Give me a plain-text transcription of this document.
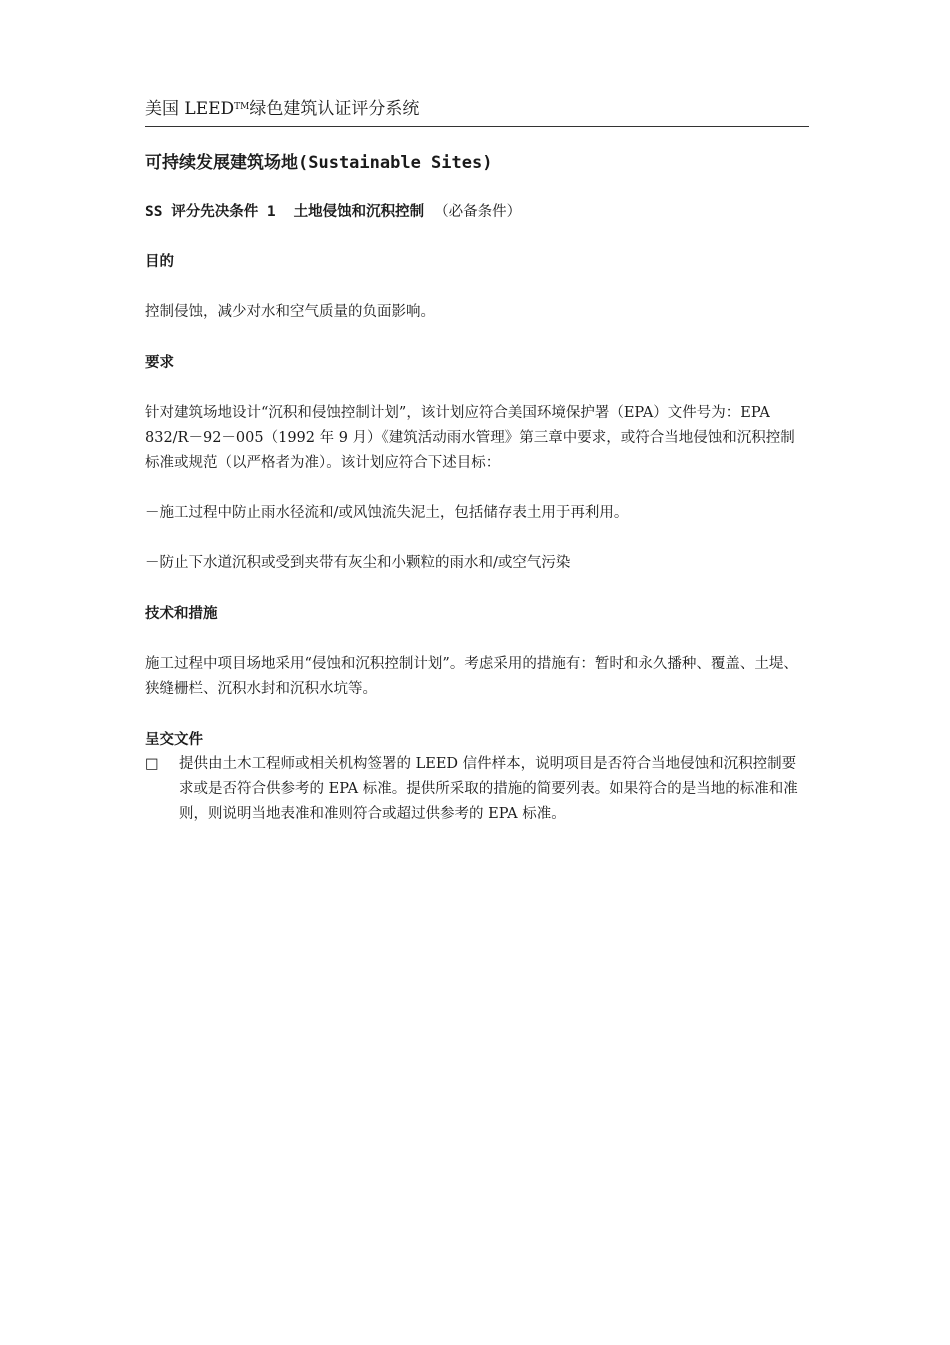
美国 LEED™绿色建筑认证评分系统
可持续发展建筑场地(Sustainable Sites)
SS 评分先决条件 1 土地侵蚀和沉积控制 （必备条件）
目的

控制侵蚀，减少对水和空气质量的负面影响。

要求

针对建筑场地设计“沉积和侵蚀控制计划”，该计划应符合美国环境保护署（EPA）文件号为：EPA 832/R－92－005（1992 年 9 月）《建筑活动雨水管理》第三章中要求，或符合当地侵蚀和沉积控制标准或规范（以严格者为准）。该计划应符合下述目标：

－施工过程中防止雨水径流和/或风蚀流失泥土，包括储存表土用于再利用。

－防止下水道沉积或受到夹带有灰尘和小颗粒的雨水和/或空气污染

技术和措施

施工过程中项目场地采用“侵蚀和沉积控制计划”。考虑采用的措施有：暂时和永久播种、覆盖、土堤、狭缝栅栏、沉积水封和沉积水坑等。

呈交文件
□	提供由土木工程师或相关机构签署的 LEED 信件样本，说明项目是否符合当地侵蚀和沉积控制要求或是否符合供参考的 EPA 标准。提供所采取的措施的简要列表。如果符合的是当地的标准和准则，则说明当地表准和准则符合或超过供参考的 EPA 标准。
